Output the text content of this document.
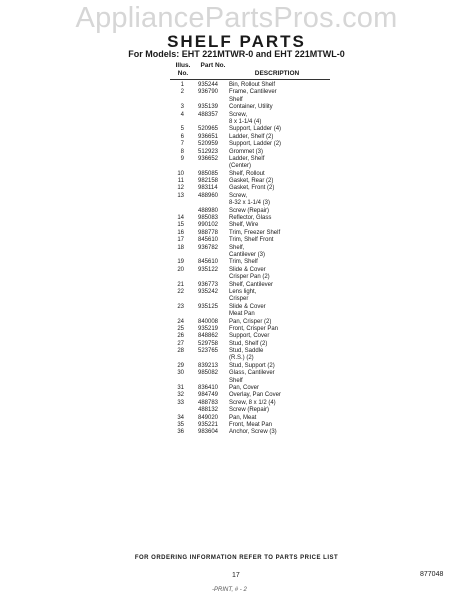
AppliancePartsPros.com
SHELF PARTS
For Models: EHT 221MTWR-0 and EHT 221MTWL-0
Illus. No.
Part No.
DESCRIPTION
1 935244 Bin, Rollout Shelf
2 936790 Frame, Cantilever
Shelf
3 935139 Container, Utility
4 488357 Screw,
8 x 1-1/4 (4)
5 520965 Support, Ladder (4)
6 936651 Ladder, Shelf (2)
7 520959 Support, Ladder (2)
8 512923 Grommet (3)
9 936652 Ladder, Shelf
(Center)
10 985085 Shelf, Rollout
11 982158 Gasket, Rear (2)
12 983114 Gasket, Front (2)
13 488960 Screw,
8-32 x 1-1/4 (3)
488980 Screw (Repair)
14 985083 Reflector, Glass
15 990102 Shelf, Wire
16 988778 Trim, Freezer Shelf
17 845610 Trim, Shelf Front
18 936782 Shelf,
Cantilever (3)
19 845610 Trim, Shelf
20 935122 Slide & Cover
Crisper Pan (2)
21 936773 Shelf, Cantilever
22 935242 Lens light,
Crisper
23 935125 Slide & Cover
Meat Pan
24 840008 Pan, Crisper (2)
25 935219 Front, Crisper Pan
26 848862 Support, Cover
27 529758 Stud, Shelf (2)
28 523765 Stud, Saddle
(R.S.) (2)
29 839213 Stud, Support (2)
30 985082 Glass, Cantilever
Shelf
31 836410 Pan, Cover
32 984749 Overlay, Pan Cover
33 488783 Screw, 8 x 1/2 (4)
488132 Screw (Repair)
34 849020 Pan, Meat
35 935221 Front, Meat Pan
36 983604 Anchor, Screw (3)
FOR ORDERING INFORMATION REFER TO PARTS PRICE LIST
17	877048
-PRINT, # - 2
